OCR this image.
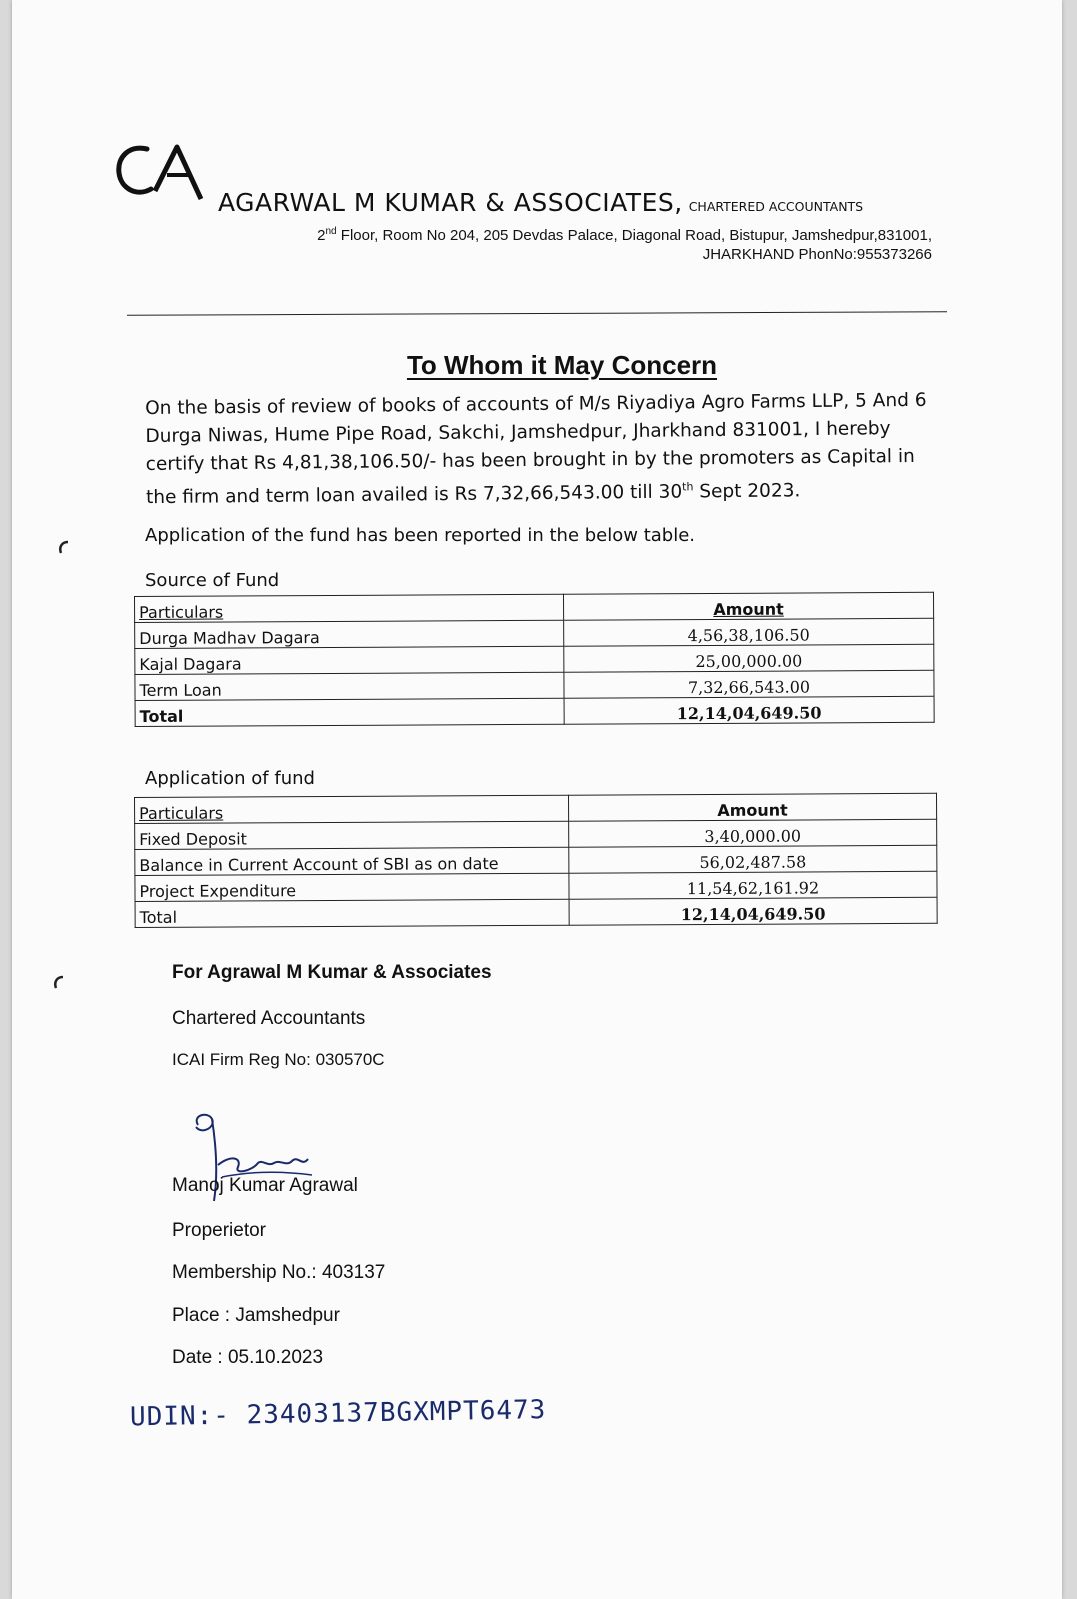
CA AGARWAL M KUMAR & ASSOCIATES, CHARTERED ACCOUNTANTS
2nd Floor, Room No 204, 205 Devdas Palace, Diagonal Road, Bistupur, Jamshedpur,831001,
JHARKHAND PhonNo:955373266
To Whom it May Concern

On the basis of review of books of accounts of M/s Riyadiya Agro Farms LLP, 5 And 6 Durga Niwas, Hume Pipe Road, Sakchi, Jamshedpur, Jharkhand 831001, I hereby certify that Rs 4,81,38,106.50/- has been brought in by the promoters as Capital in the firm and term loan availed is Rs 7,32,66,543.00 till 30th Sept 2023.

Application of the fund has been reported in the below table.
Source of Fund
Particulars	Amount
Durga Madhav Dagara	4,56,38,106.50
Kajal Dagara	25,00,000.00
Term Loan	7,32,66,543.00
Total	12,14,04,649.50
Application of fund
Particulars	Amount
Fixed Deposit	3,40,000.00
Balance in Current Account of SBI as on date	56,02,487.58
Project Expenditure	11,54,62,161.92
Total	12,14,04,649.50
For Agrawal M Kumar & Associates
Chartered Accountants
ICAI Firm Reg No: 030570C
Manoj Kumar Agrawal
Properietor
Membership No.: 403137
Place : Jamshedpur
Date : 05.10.2023
UDIN:- 23403137BGXMPT6473
